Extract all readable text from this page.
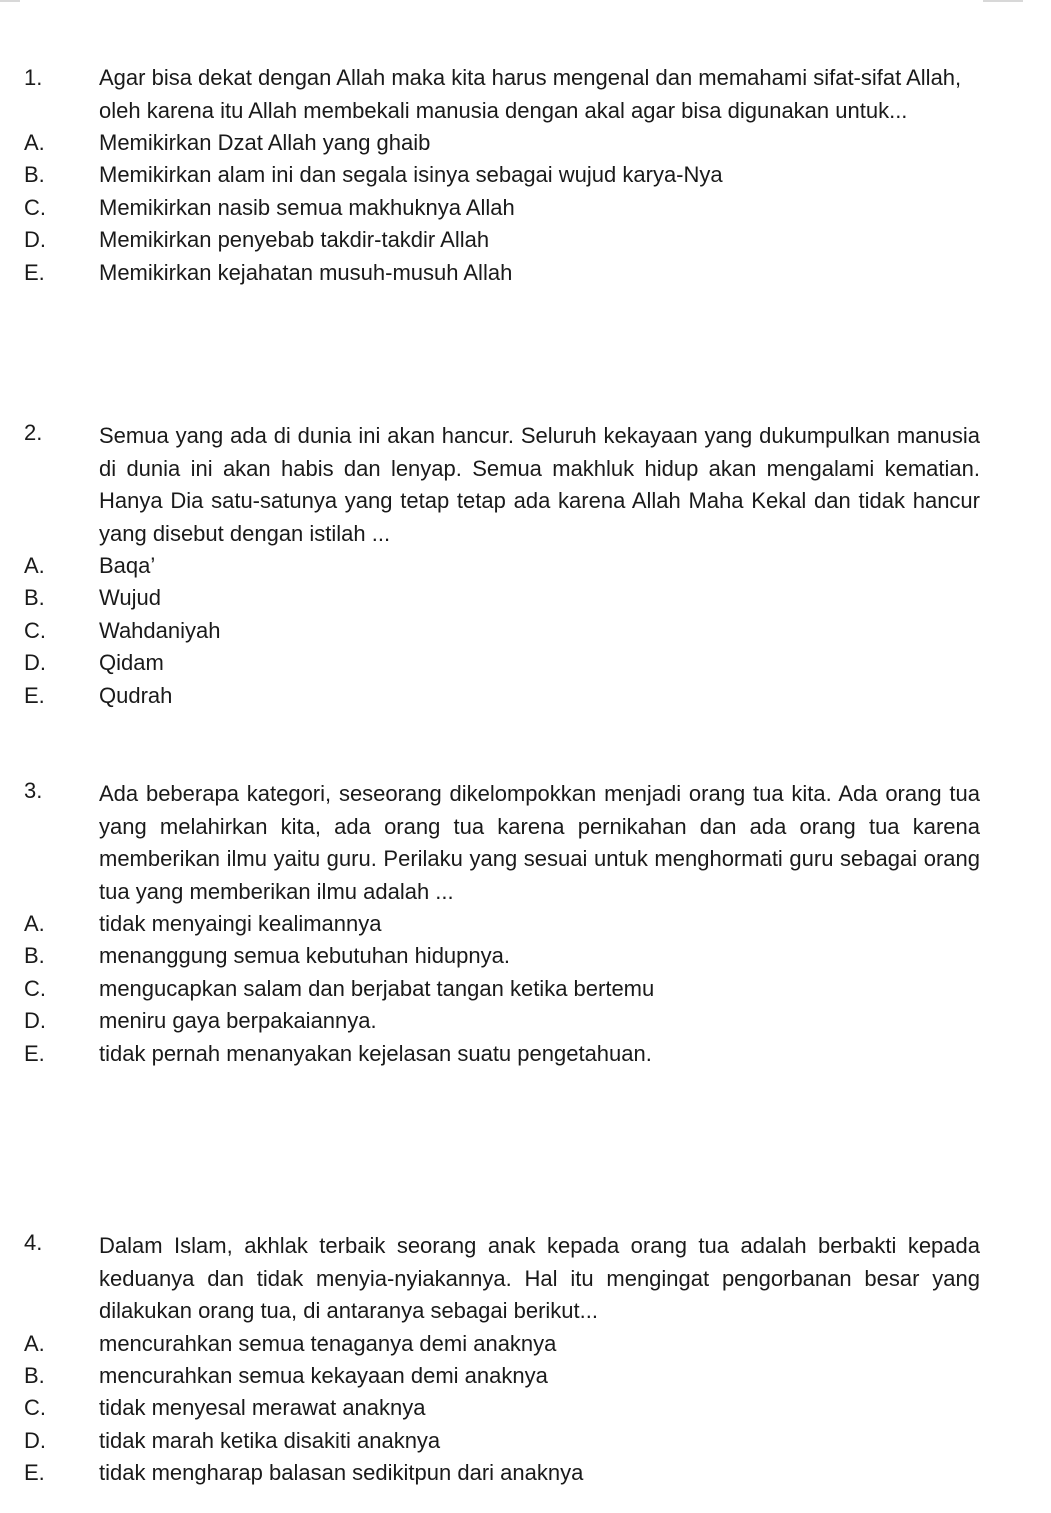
1.	Agar bisa dekat dengan Allah maka kita harus mengenal dan memahami sifat-sifat Allah,

oleh karena itu Allah membekali manusia dengan akal agar bisa digunakan untuk...

A.	Memikirkan Dzat Allah yang ghaib
B.	Memikirkan alam ini dan segala isinya sebagai wujud karya-Nya
C.	Memikirkan nasib semua makhuknya Allah
D.	Memikirkan penyebab takdir-takdir Allah
E.	Memikirkan kejahatan musuh-musuh Allah
2.	Semua yang ada di dunia ini akan hancur. Seluruh kekayaan yang dukumpulkan manusia di dunia ini akan habis dan lenyap. Semua makhluk hidup akan mengalami kematian. Hanya Dia satu-satunya yang tetap tetap ada karena Allah Maha Kekal dan tidak hancur yang disebut dengan istilah ...
A.	Baqa’
B.	Wujud
C.	Wahdaniyah
D.	Qidam
E.	Qudrah
3.	Ada beberapa kategori, seseorang dikelompokkan menjadi orang tua kita. Ada orang tua yang melahirkan kita, ada orang tua karena pernikahan dan ada orang tua karena memberikan ilmu yaitu guru. Perilaku yang sesuai untuk menghormati guru sebagai orang tua yang memberikan ilmu adalah ...
A.	tidak menyaingi kealimannya
B.	menanggung semua kebutuhan hidupnya.
C.	mengucapkan salam dan berjabat tangan ketika bertemu
D.	meniru gaya berpakaiannya.
E.	tidak pernah menanyakan kejelasan suatu pengetahuan.
4.	Dalam Islam, akhlak terbaik seorang anak kepada orang tua adalah berbakti kepada keduanya dan tidak menyia-nyiakannya. Hal itu mengingat pengorbanan besar yang dilakukan orang tua, di antaranya sebagai berikut...
A.	mencurahkan semua tenaganya demi anaknya
B.	mencurahkan semua kekayaan demi anaknya
C.	tidak menyesal merawat anaknya
D.	tidak marah ketika disakiti anaknya
E.	tidak mengharap balasan sedikitpun dari anaknya
